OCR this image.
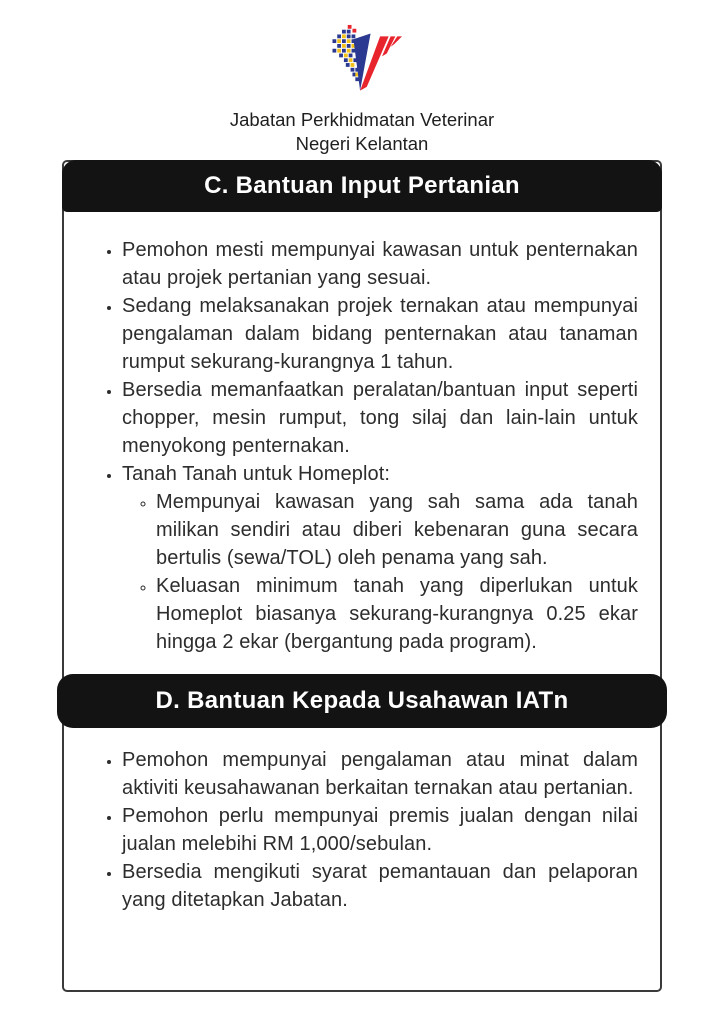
Jabatan Perkhidmatan Veterinar
Negeri Kelantan
C. Bantuan Input Pertanian
• Pemohon mesti mempunyai kawasan untuk penternakan atau projek pertanian yang sesuai.
• Sedang melaksanakan projek ternakan atau mempunyai pengalaman dalam bidang penternakan atau tanaman rumput sekurang-kurangnya 1 tahun.
• Bersedia memanfaatkan peralatan/bantuan input seperti chopper, mesin rumput, tong silaj dan lain-lain untuk menyokong penternakan.
• Tanah Tanah untuk Homeplot:
◦ Mempunyai kawasan yang sah sama ada tanah milikan sendiri atau diberi kebenaran guna secara bertulis (sewa/TOL) oleh penama yang sah.
◦ Keluasan minimum tanah yang diperlukan untuk Homeplot biasanya sekurang-kurangnya 0.25 ekar hingga 2 ekar (bergantung pada program).
D. Bantuan Kepada Usahawan IATn
• Pemohon mempunyai pengalaman atau minat dalam aktiviti keusahawanan berkaitan ternakan atau pertanian.
• Pemohon perlu mempunyai premis jualan dengan nilai jualan melebihi RM 1,000/sebulan.
• Bersedia mengikuti syarat pemantauan dan pelaporan yang ditetapkan Jabatan.
